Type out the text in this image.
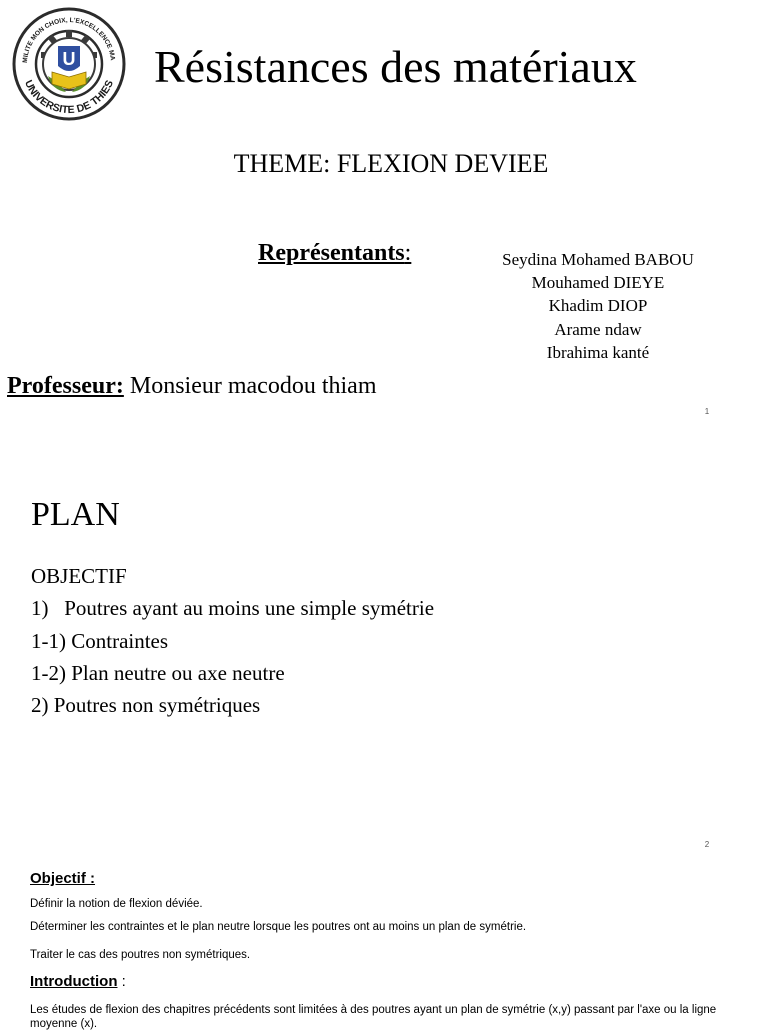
U
MILITE MON CHOIX, L'EXCELLENCE MA
UNIVERSITE DE THIES Résistances des matériaux
THEME: FLEXION DEVIEE
Représentants:	Seydina Mohamed BABOU
Mouhamed DIEYE
Khadim DIOP
Arame ndaw
Ibrahima kanté
Professeur: Monsieur macodou thiam
1
PLAN
OBJECTIF
1)   Poutres ayant au moins une simple symétrie
1-1) Contraintes
1-2) Plan neutre ou axe neutre
2) Poutres non symétriques
2
Objectif :
Définir la notion de flexion déviée.
Déterminer les contraintes et le plan neutre lorsque les poutres ont au moins un plan de symétrie.
Traiter le cas des poutres non symétriques.
Introduction :
Les études de flexion des chapitres précédents sont limitées à des poutres ayant un plan de symétrie (x,y) passant par l'axe ou la ligne moyenne (x).
